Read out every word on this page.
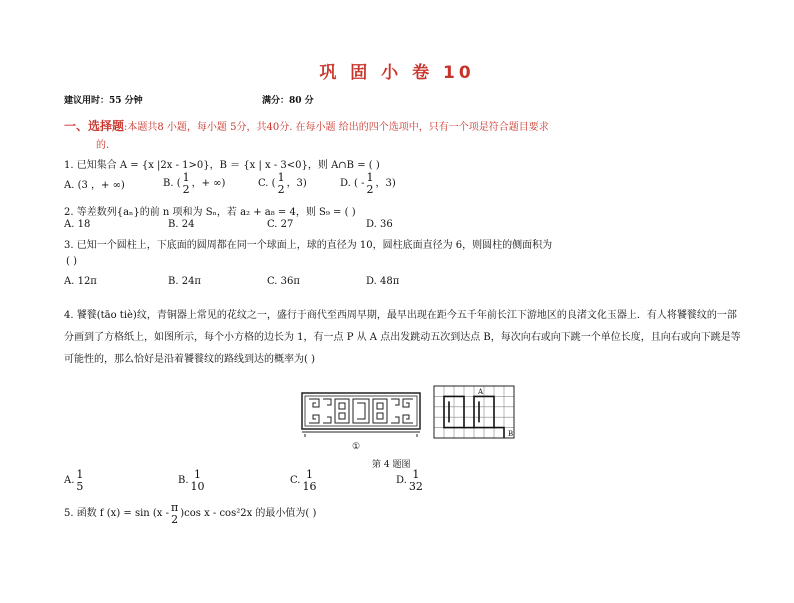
巩 固 小 卷 10
建议用时：55 分钟	满分：80 分
一、选择题:本题共8 小题，每小题 5分，共40分. 在每小题 给出的四个选项中，只有一个项是符合题目要求
的.
1. 已知集合 A = {x |2x - 1>0}，B ＝ {x | x - 3<0}，则 A∩B = ( )
A. (3 ，+ ∞)	B. ( 1
2 ，+ ∞)	C. ( 1
2 ，3)	D. ( - 1
2 ，3)
2. 等差数列{aₙ}的前 n 项和为 Sₙ，若 a₂ + a₈ = 4，则 S₉ = ( )
A. 18	B. 24	C. 27	D. 36
3. 已知一个圆柱上，下底面的圆周都在同一个球面上，球的直径为 10，圆柱底面直径为 6，则圆柱的侧面积为
( )
A. 12π	B. 24π	C. 36π	D. 48π
4. 饕餮(tāo tiè)纹，青铜器上常见的花纹之一，盛行于商代至西周早期，最早出现在距今五千年前长江下游地区的良渚文化玉器上．有人将饕餮纹的一部分画到了方格纸上，如图所示，每个小方格的边长为 1，有一点 P 从 A 点出发跳动五次到达点 B，每次向右或向下跳一个单位长度，且向右或向下跳是等可能性的，那么恰好是沿着饕餮纹的路线到达的概率为( )
①
A
B
第 4 题图
A. 1
5	B. 1
10	C. 1
16	D. 1
32
5. 函数 f (x) = sin (x - π
2 )cos x - cos²2x 的最小值为( )
